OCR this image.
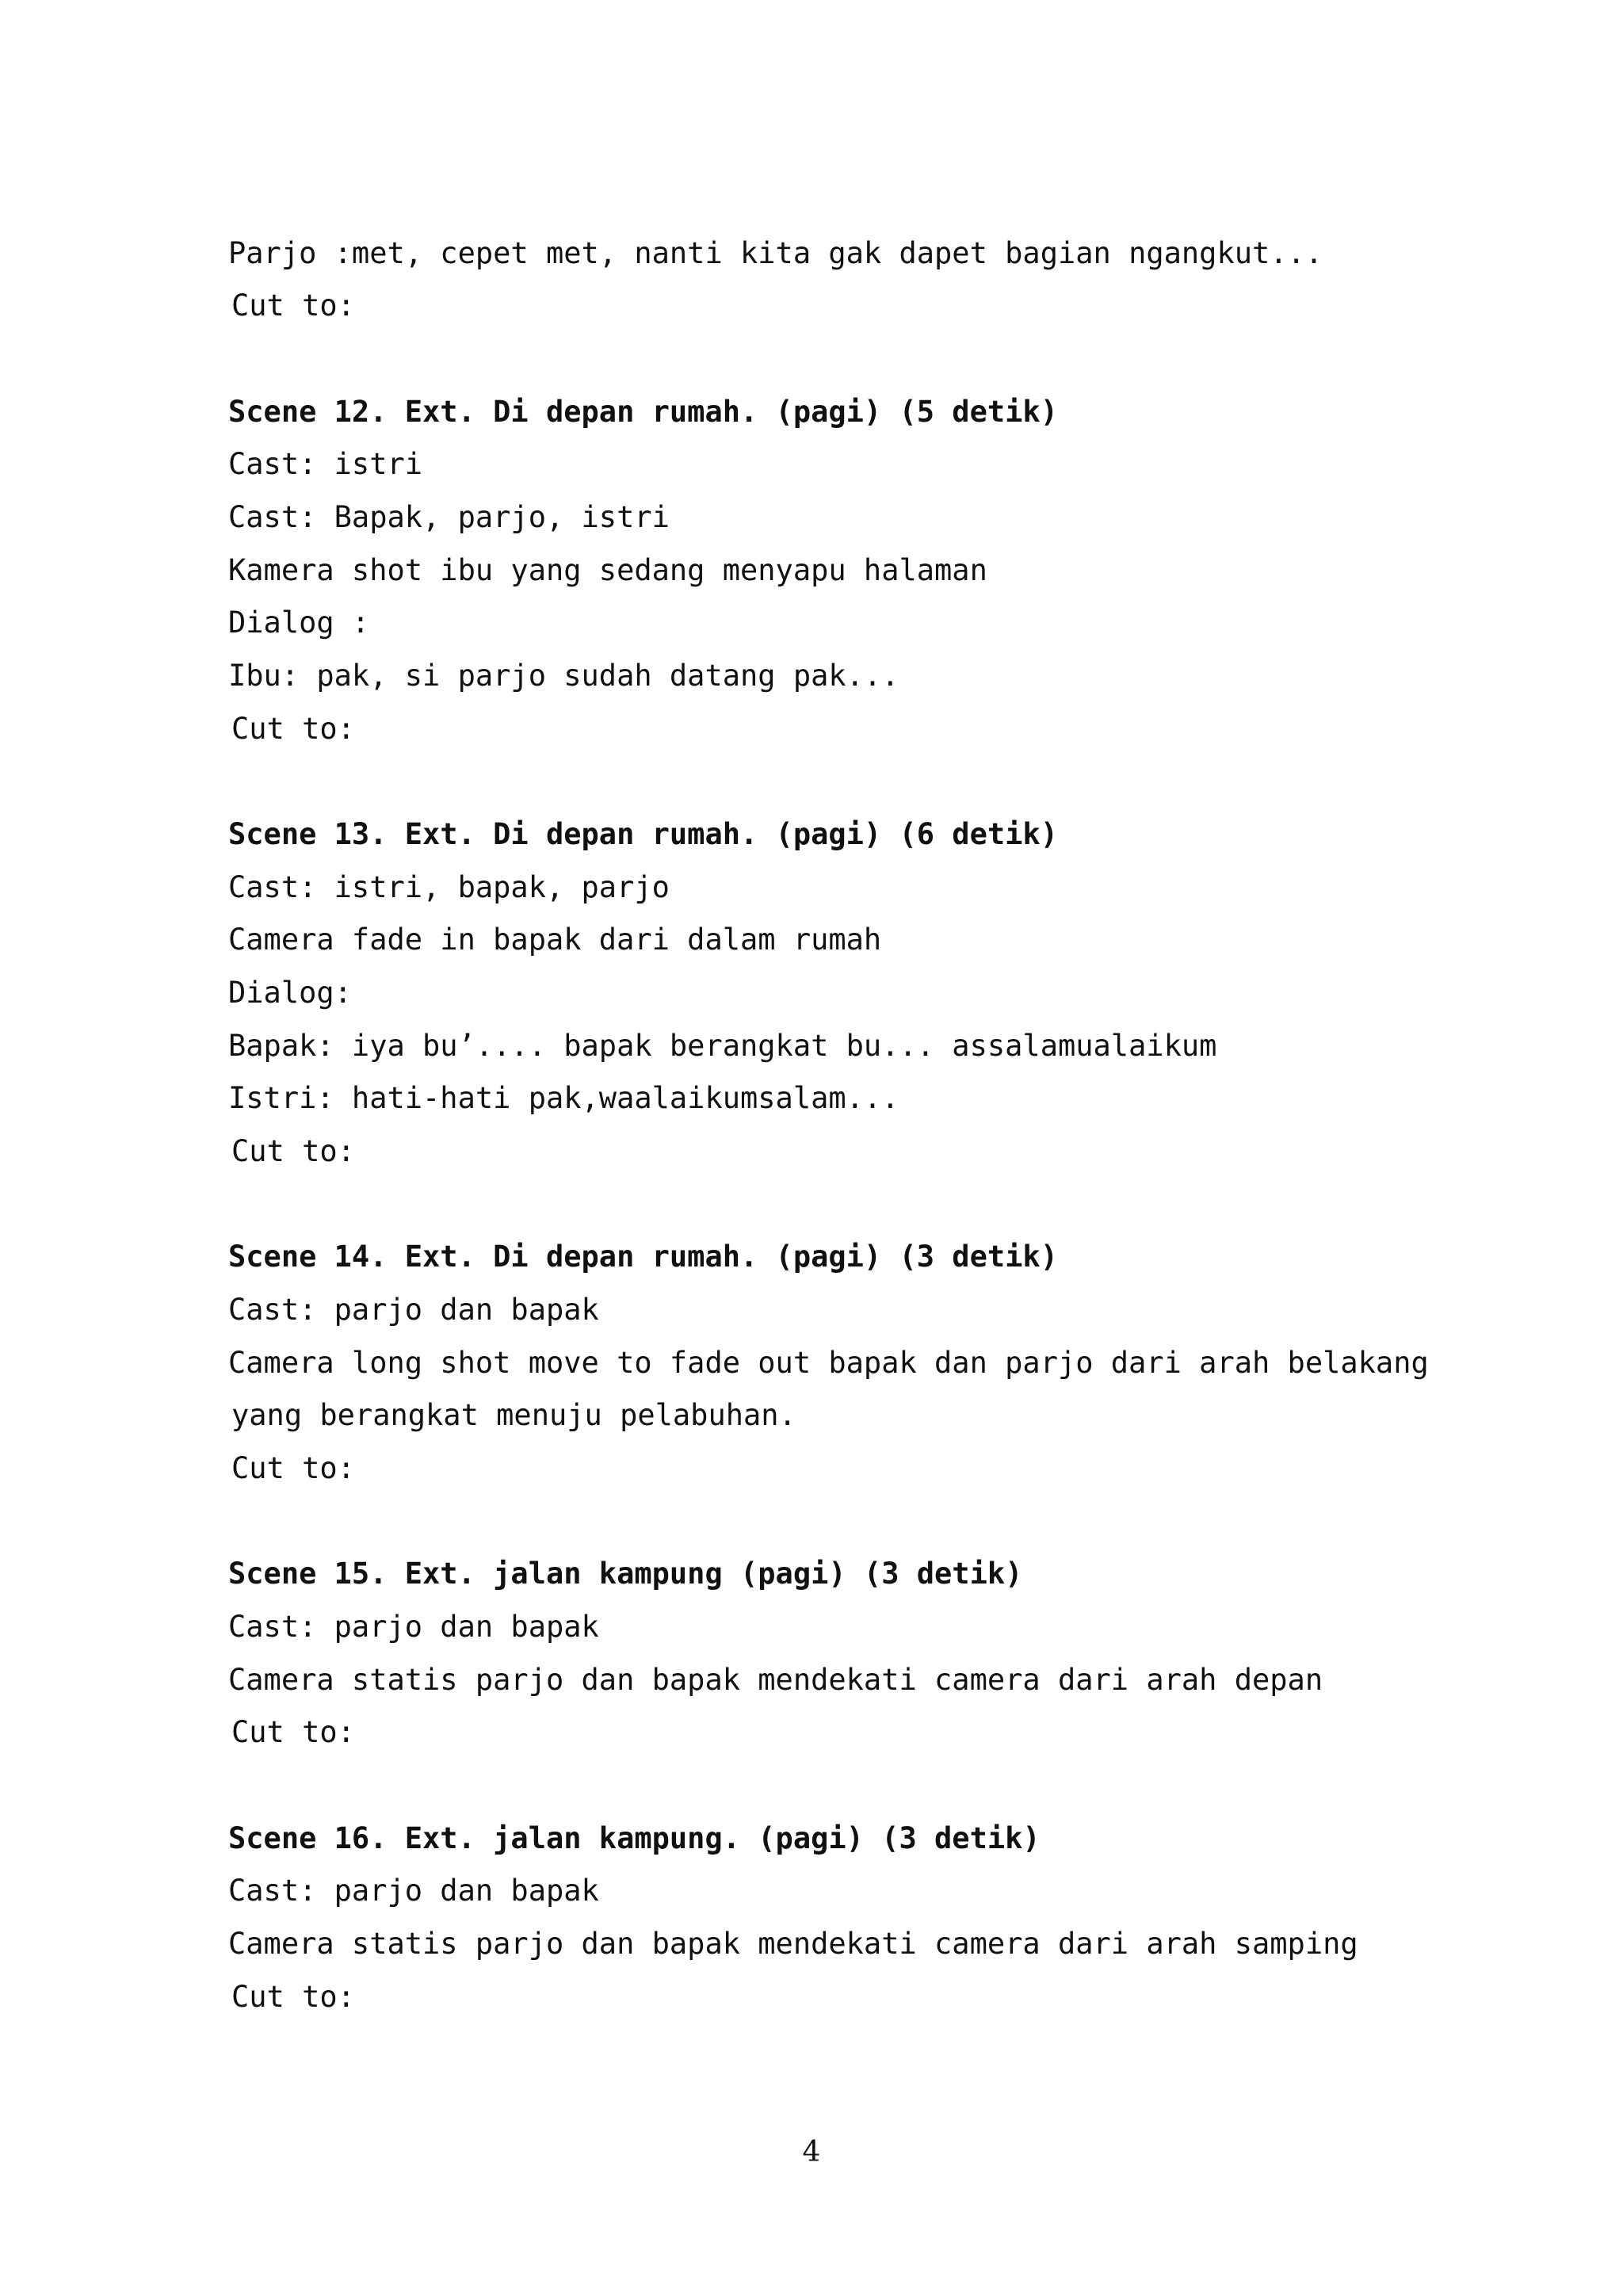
Parjo :met, cepet met, nanti kita gak dapet bagian ngangkut...
Cut to:
Scene 12. Ext. Di depan rumah. (pagi) (5 detik)
Cast: istri
Cast: Bapak, parjo, istri
Kamera shot ibu yang sedang menyapu halaman
Dialog :
Ibu: pak, si parjo sudah datang pak...
Cut to:
Scene 13. Ext. Di depan rumah. (pagi) (6 detik)
Cast: istri, bapak, parjo
Camera fade in bapak dari dalam rumah
Dialog:
Bapak: iya bu’.... bapak berangkat bu... assalamualaikum
Istri: hati-hati pak,waalaikumsalam...
Cut to:
Scene 14. Ext. Di depan rumah. (pagi) (3 detik)
Cast: parjo dan bapak
Camera long shot move to fade out bapak dan parjo dari arah belakang
yang berangkat menuju pelabuhan.
Cut to:
Scene 15. Ext. jalan kampung (pagi) (3 detik)
Cast: parjo dan bapak
Camera statis parjo dan bapak mendekati camera dari arah depan
Cut to:
Scene 16. Ext. jalan kampung. (pagi) (3 detik)
Cast: parjo dan bapak
Camera statis parjo dan bapak mendekati camera dari arah samping
Cut to:
4
